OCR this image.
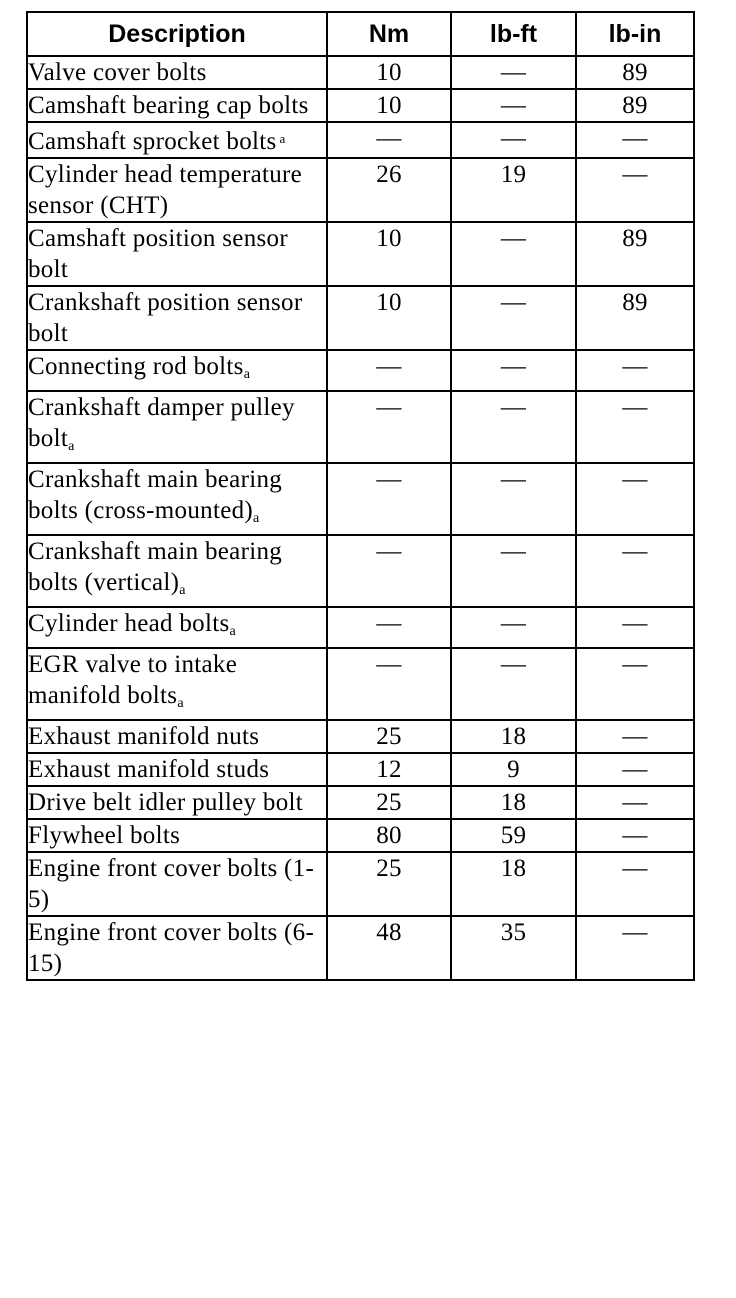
Description	Nm	lb-ft	lb-in
Valve cover bolts	10	—	89
Camshaft bearing cap bolts	10	—	89
Camshaft sprocket bolts $^a$	—	—	—
Cylinder head temperature sensor (CHT)	26	19	—
Camshaft position sensor bolt	10	—	89
Crankshaft position sensor bolt	10	—	89
Connecting rod bolts$_a$	—	—	—
Crankshaft damper pulley bolt$_a$	—	—	—
Crankshaft main bearing bolts $(cross-mounted)_a$	—	—	—
Crankshaft main bearing bolts $(vertical)_a$	—	—	—
Cylinder head bolts$_a$	—	—	—
EGR valve to intake manifold bolts$_a$	—	—	—
Exhaust manifold nuts	25	18	—
Exhaust manifold studs	12	9	—
Drive belt idler pulley bolt	25	18	—
Flywheel bolts	80	59	—
Engine front cover bolts (1-5)	25	18	—
Engine front cover bolts (6-15)	48	35	—
